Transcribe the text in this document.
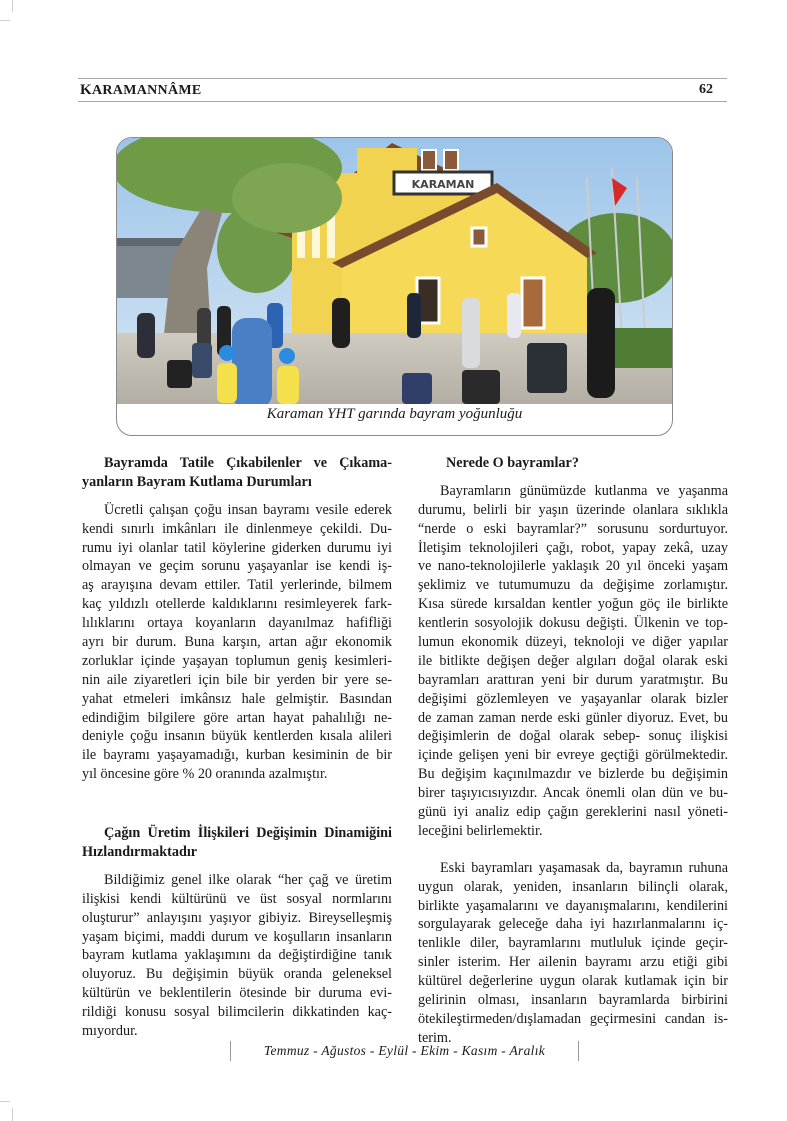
KARAMANNÂME	62
KARAMAN
Karaman YHT garında bayram yoğunluğu
Bayramda Tatile Çıkabilenler ve Çıkama-
yanların Bayram Kutlama Durumları
Ücretli çalışan çoğu insan bayramı vesile ederek
kendi sınırlı imkânları ile dinlenmeye çekildi. Du-
rumu iyi olanlar tatil köylerine giderken durumu iyi
olmayan ve geçim sorunu yaşayanlar ise kendi iş-
aş arayışına devam ettiler. Tatil yerlerinde, bilmem
kaç yıldızlı otellerde kaldıklarını resimleyerek fark-
lılıklarını ortaya koyanların dayanılmaz hafifliği
ayrı bir durum. Buna karşın, artan ağır ekonomik
zorluklar içinde yaşayan toplumun geniş kesimleri-
nin aile ziyaretleri için bile bir yerden bir yere se-
yahat etmeleri imkânsız hale gelmiştir. Basından
edindiğim bilgilere göre artan hayat pahalılığı ne-
deniyle çoğu insanın büyük kentlerden kısala alileri
ile bayramı yaşayamadığı, kurban kesiminin de bir
yıl öncesine göre % 20 oranında azalmıştır.
Çağın Üretim İlişkileri Değişimin Dinamiğini
Hızlandırmaktadır
Bildiğimiz genel ilke olarak “her çağ ve üretim
ilişkisi kendi kültürünü ve üst sosyal normlarını
oluşturur” anlayışını yaşıyor gibiyiz. Bireyselleşmiş
yaşam biçimi, maddi durum ve koşulların insanların
bayram kutlama yaklaşımını da değiştirdiğine tanık
oluyoruz. Bu değişimin büyük oranda geleneksel
kültürün ve beklentilerin ötesinde bir duruma evi-
rildiği konusu sosyal bilimcilerin dikkatinden kaç-
mıyordur.
Nerede O bayramlar?
Bayramların günümüzde kutlanma ve yaşanma
durumu, belirli bir yaşın üzerinde olanlara sıklıkla
“nerde o eski bayramlar?” sorusunu sordurtuyor.
İletişim teknolojileri çağı, robot, yapay zekâ, uzay
ve nano-teknolojilerle yaklaşık 20 yıl önceki yaşam
şeklimiz ve tutumumuzu da değişime zorlamıştır.
Kısa sürede kırsaldan kentler yoğun göç ile birlikte
kentlerin sosyolojik dokusu değişti. Ülkenin ve top-
lumun ekonomik düzeyi, teknoloji ve diğer yapılar
ile bitlikte değişen değer algıları doğal olarak eski
bayramları arattıran yeni bir durum yaratmıştır. Bu
değişimi gözlemleyen ve yaşayanlar olarak bizler
de zaman zaman nerde eski günler diyoruz. Evet, bu
değişimlerin de doğal olarak sebep- sonuç ilişkisi
içinde gelişen yeni bir evreye geçtiği görülmektedir.
Bu değişim kaçınılmazdır ve bizlerde bu değişimin
birer taşıyıcısıyızdır. Ancak önemli olan dün ve bu-
günü iyi analiz edip çağın gereklerini nasıl yöneti-
leceğini belirlemektir.
Eski bayramları yaşamasak da, bayramın ruhuna
uygun olarak, yeniden, insanların bilinçli olarak,
birlikte yaşamalarını ve dayanışmalarını, kendilerini
sorgulayarak geleceğe daha iyi hazırlanmalarını iç-
tenlikle diler, bayramlarını mutluluk içinde geçir-
sinler isterim. Her ailenin bayramı arzu etiği gibi
kültürel değerlerine uygun olarak kutlamak için bir
gelirinin olması, insanların bayramlarda birbirini
ötekileştirmeden/dışlamadan geçirmesini candan is-
terim.
Temmuz - Ağustos - Eylül - Ekim - Kasım - Aralık
